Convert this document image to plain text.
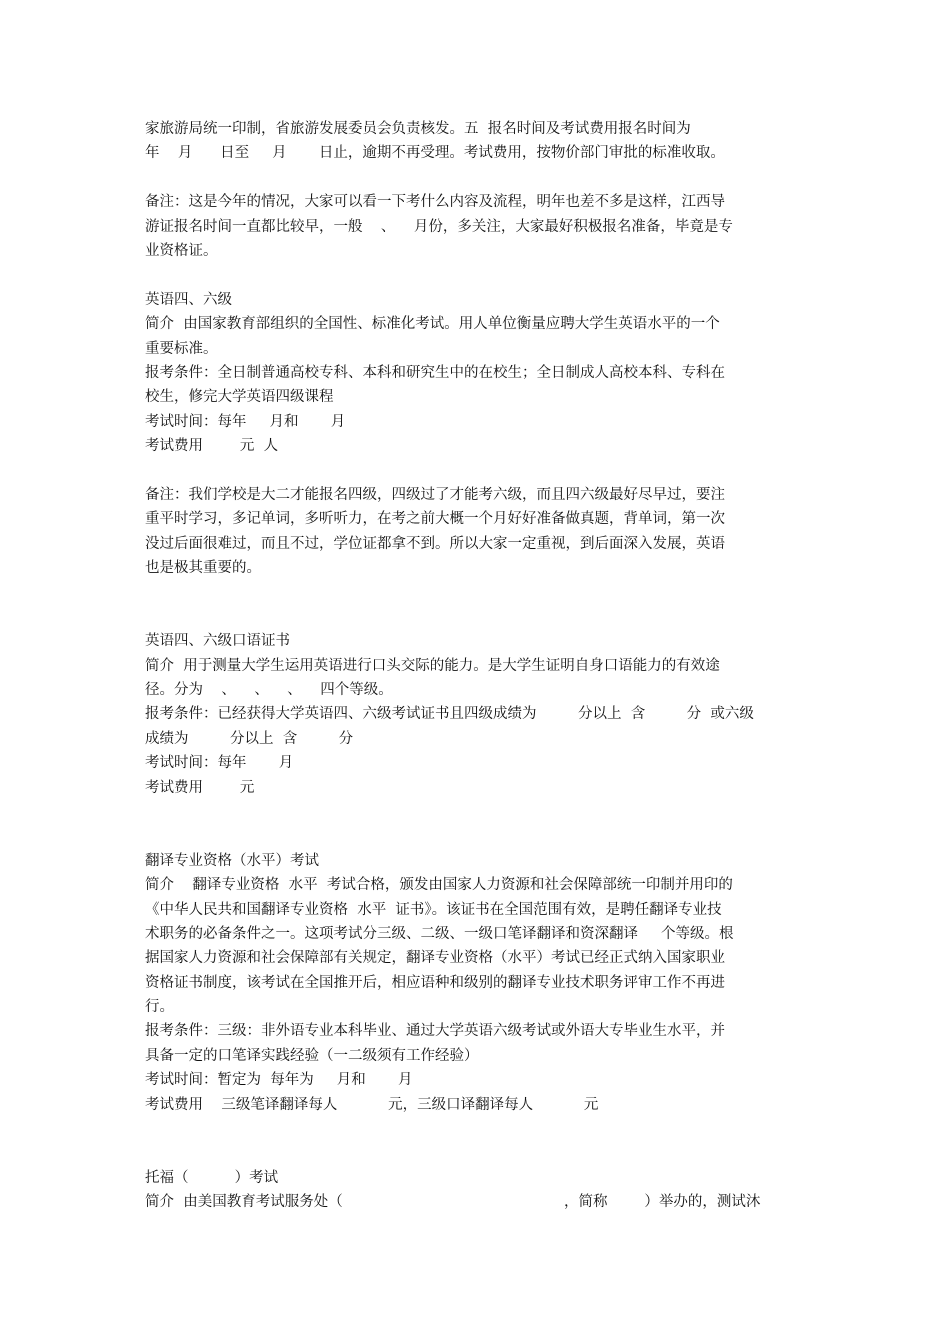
家旅游局统一印制，省旅游发展委员会负责核发。五  报名时间及考试费用报名时间为
年    月      日至     月       日止，逾期不再受理。考试费用，按物价部门审批的标准收取。
备注：这是今年的情况，大家可以看一下考什么内容及流程，明年也差不多是这样，江西导
游证报名时间一直都比较早，一般    、    月份，多关注，大家最好积极报名准备，毕竟是专
业资格证。
英语四、六级
简介  由国家教育部组织的全国性、标准化考试。用人单位衡量应聘大学生英语水平的一个
重要标准。
报考条件：全日制普通高校专科、本科和研究生中的在校生；全日制成人高校本科、专科在
校生，修完大学英语四级课程
考试时间：每年     月和       月
考试费用        元  人
备注：我们学校是大二才能报名四级，四级过了才能考六级，而且四六级最好尽早过，要注
重平时学习，多记单词，多听听力，在考之前大概一个月好好准备做真题，背单词，第一次
没过后面很难过，而且不过，学位证都拿不到。所以大家一定重视，到后面深入发展，英语
也是极其重要的。
英语四、六级口语证书
简介  用于测量大学生运用英语进行口头交际的能力。是大学生证明自身口语能力的有效途
径。分为    、    、    、    四个等级。
报考条件：已经获得大学英语四、六级考试证书且四级成绩为         分以上  含         分  或六级
成绩为         分以上  含         分
考试时间：每年       月
考试费用        元
翻译专业资格（水平）考试
简介    翻译专业资格  水平  考试合格，颁发由国家人力资源和社会保障部统一印制并用印的
《中华人民共和国翻译专业资格  水平  证书》。该证书在全国范围有效，是聘任翻译专业技
术职务的必备条件之一。这项考试分三级、二级、一级口笔译翻译和资深翻译     个等级。根
据国家人力资源和社会保障部有关规定，翻译专业资格（水平）考试已经正式纳入国家职业
资格证书制度，该考试在全国推开后，相应语种和级别的翻译专业技术职务评审工作不再进
行。
报考条件：三级：非外语专业本科毕业、通过大学英语六级考试或外语大专毕业生水平，并
具备一定的口笔译实践经验（一二级须有工作经验）
考试时间：暂定为  每年为     月和       月
考试费用    三级笔译翻译每人           元，三级口译翻译每人           元
托福（          ）考试
简介  由美国教育考试服务处（                                                ，简称        ）举办的，测试沐
